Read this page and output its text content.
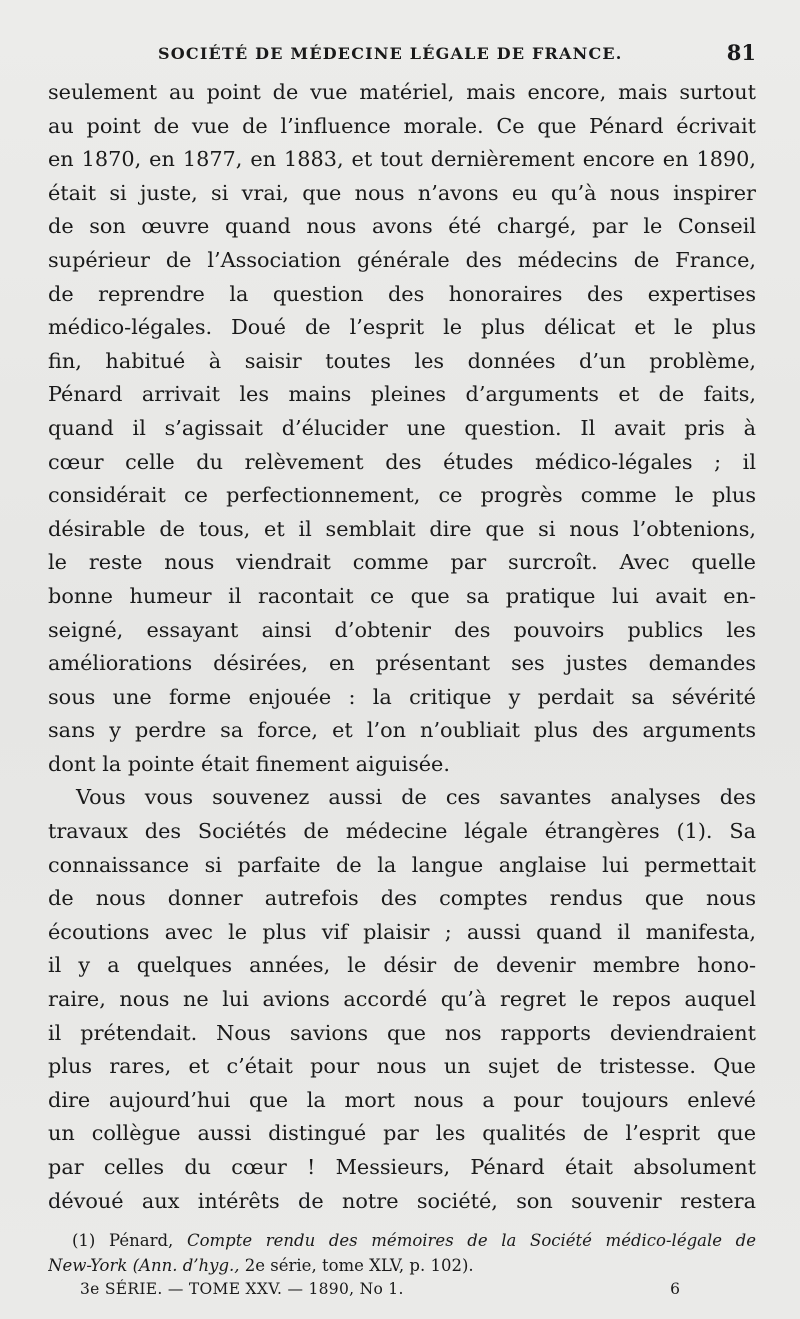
SOCIÉTÉ DE MÉDECINE LÉGALE DE FRANCE.	81
seulement au point de vue matériel, mais encore, mais surtout
au point de vue de l’influence morale. Ce que Pénard écrivait
en 1870, en 1877, en 1883, et tout dernièrement encore en 1890,
était si juste, si vrai, que nous n’avons eu qu’à nous inspirer
de son œuvre quand nous avons été chargé, par le Conseil
supérieur de l’Association générale des médecins de France,
de reprendre la question des honoraires des expertises
médico-légales. Doué de l’esprit le plus délicat et le plus
fin, habitué à saisir toutes les données d’un problème,
Pénard arrivait les mains pleines d’arguments et de faits,
quand il s’agissait d’élucider une question. Il avait pris à
cœur celle du relèvement des études médico-légales ; il
considérait ce perfectionnement, ce progrès comme le plus
désirable de tous, et il semblait dire que si nous l’obtenions,
le reste nous viendrait comme par surcroît. Avec quelle
bonne humeur il racontait ce que sa pratique lui avait en-
seigné, essayant ainsi d’obtenir des pouvoirs publics les
améliorations désirées, en présentant ses justes demandes
sous une forme enjouée : la critique y perdait sa sévérité
sans y perdre sa force, et l’on n’oubliait plus des arguments
dont la pointe était finement aiguisée.
Vous vous souvenez aussi de ces savantes analyses des
travaux des Sociétés de médecine légale étrangères (1). Sa
connaissance si parfaite de la langue anglaise lui permettait
de nous donner autrefois des comptes rendus que nous
écoutions avec le plus vif plaisir ; aussi quand il manifesta,
il y a quelques années, le désir de devenir membre hono-
raire, nous ne lui avions accordé qu’à regret le repos auquel
il prétendait. Nous savions que nos rapports deviendraient
plus rares, et c’était pour nous un sujet de tristesse. Que
dire aujourd’hui que la mort nous a pour toujours enlevé
un collègue aussi distingué par les qualités de l’esprit que
par celles du cœur ! Messieurs, Pénard était absolument
dévoué aux intérêts de notre société, son souvenir restera
(1) Pénard, Compte rendu des mémoires de la Société médico-légale de
New-York (Ann. d’hyg., 2e série, tome XLV, p. 102).
3e SÉRIE. — TOME XXV. — 1890, No 1.	6
